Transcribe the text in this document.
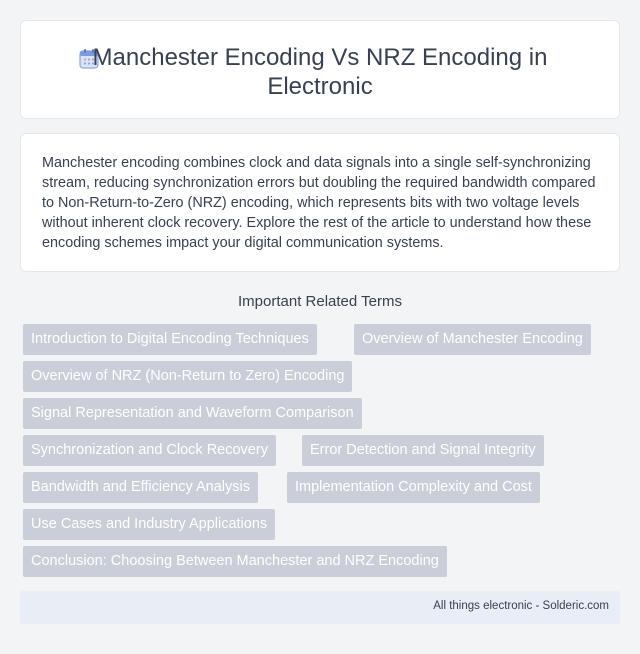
Manchester Encoding Vs NRZ Encoding in Electronic

Manchester encoding combines clock and data signals into a single self-synchronizing stream, reducing synchronization errors but doubling the required bandwidth compared to Non-Return-to-Zero (NRZ) encoding, which represents bits with two voltage levels without inherent clock recovery. Explore the rest of the article to understand how these encoding schemes impact your digital communication systems.

Important Related Terms
Introduction to Digital Encoding Techniques	Overview of Manchester Encoding
Overview of NRZ (Non-Return to Zero) Encoding
Signal Representation and Waveform Comparison
Synchronization and Clock Recovery	Error Detection and Signal Integrity
Bandwidth and Efficiency Analysis	Implementation Complexity and Cost
Use Cases and Industry Applications
Conclusion: Choosing Between Manchester and NRZ Encoding
All things electronic - Solderic.com
